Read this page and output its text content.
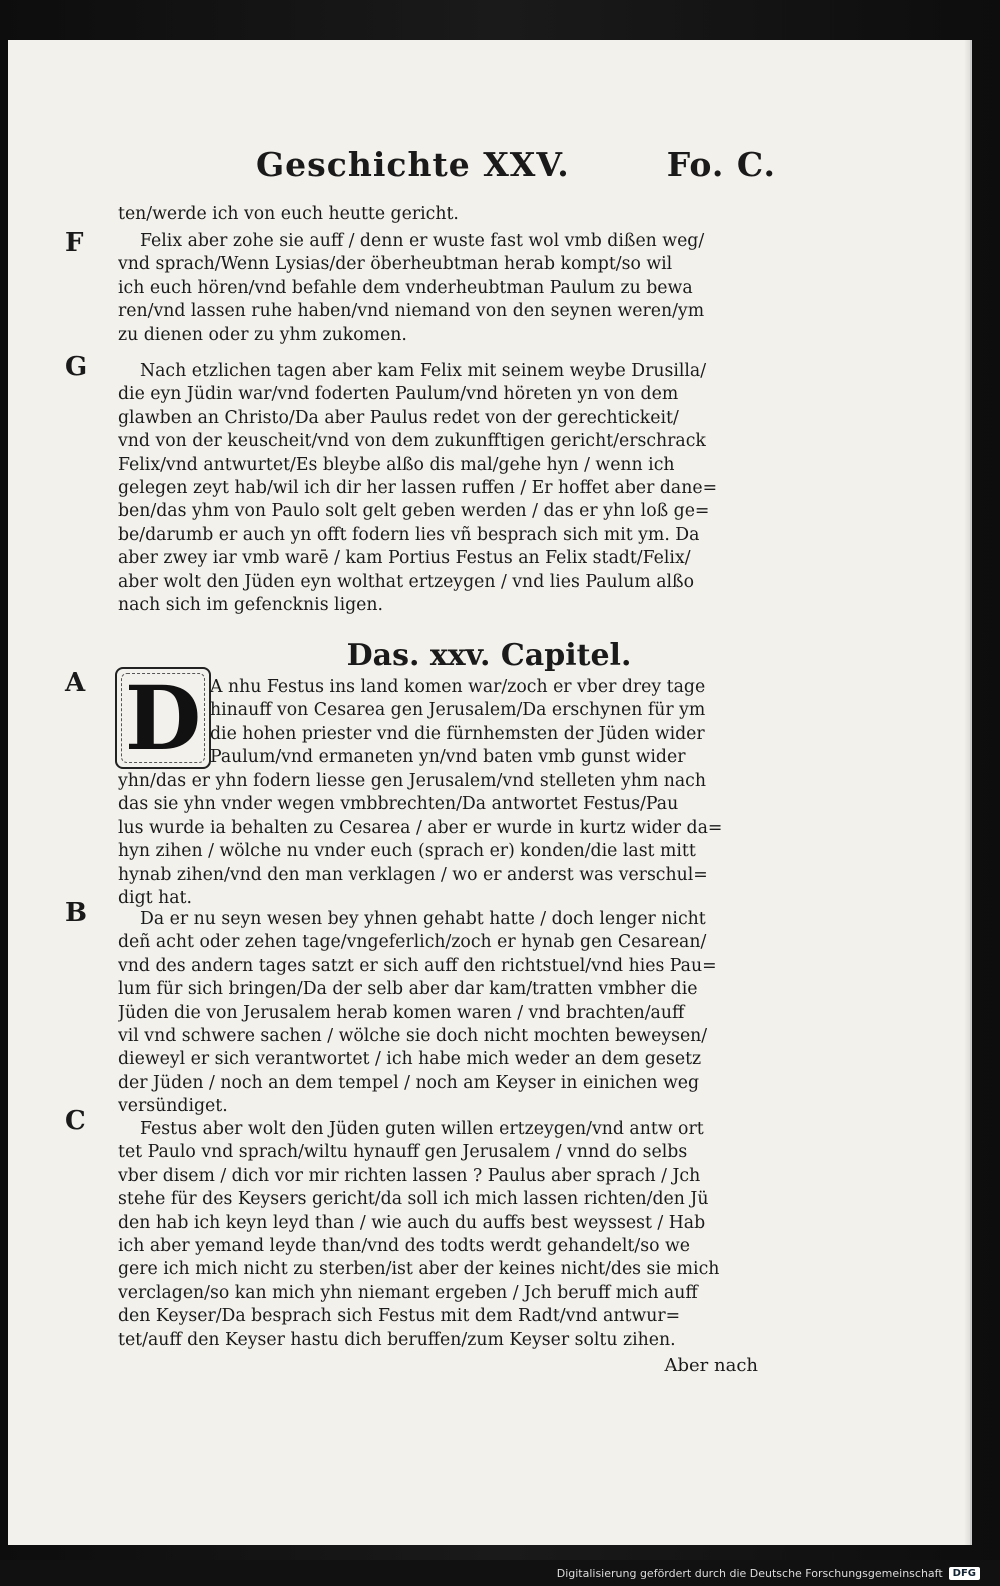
Geschichte XXV.	Fo. C.
ten/werde ich von euch heutte gericht.
F	Felix aber zohe sie auff / denn er wuste fast wol vmb dißen weg/
vnd sprach/Wenn Lysias/der öberheubtman herab kompt/so wil
ich euch hören/vnd befahle dem vnderheubtman Paulum zu bewa
ren/vnd lassen ruhe haben/vnd niemand von den seynen weren/ym
zu dienen oder zu yhm zukomen.
G	Nach etzlichen tagen aber kam Felix mit seinem weybe Drusilla/
die eyn Jüdin war/vnd foderten Paulum/vnd höreten yn von dem
glawben an Christo/Da aber Paulus redet von der gerechtickeit/
vnd von der keuscheit/vnd von dem zukunfftigen gericht/erschrack
Felix/vnd antwurtet/Es bleybe alßo dis mal/gehe hyn / wenn ich
gelegen zeyt hab/wil ich dir her lassen ruffen / Er hoffet aber dane=
ben/das yhm von Paulo solt gelt geben werden / das er yhn loß ge=
be/darumb er auch yn offt fodern lies vñ besprach sich mit ym. Da
aber zwey iar vmb warē / kam Portius Festus an Felix stadt/Felix/
aber wolt den Jüden eyn wolthat ertzeygen / vnd lies Paulum alßo
nach sich im gefencknis ligen.
Das. xxv. Capitel.
A D A nhu Festus ins land komen war/zoch er vber drey tage
hinauff von Cesarea gen Jerusalem/Da erschynen für ym
die hohen priester vnd die fürnhemsten der Jüden wider
Paulum/vnd ermaneten yn/vnd baten vmb gunst wider
yhn/das er yhn fodern liesse gen Jerusalem/vnd stelleten yhm nach
das sie yhn vnder wegen vmbbrechten/Da antwortet Festus/Pau
lus wurde ia behalten zu Cesarea / aber er wurde in kurtz wider da=
hyn zihen / wölche nu vnder euch (sprach er) konden/die last mitt
hynab zihen/vnd den man verklagen / wo er anderst was verschul=
digt hat.
B	Da er nu seyn wesen bey yhnen gehabt hatte / doch lenger nicht
deñ acht oder zehen tage/vngeferlich/zoch er hynab gen Cesarean/
vnd des andern tages satzt er sich auff den richtstuel/vnd hies Pau=
lum für sich bringen/Da der selb aber dar kam/tratten vmbher die
Jüden die von Jerusalem herab komen waren / vnd brachten/auff
vil vnd schwere sachen / wölche sie doch nicht mochten beweysen/
dieweyl er sich verantwortet / ich habe mich weder an dem gesetz
der Jüden / noch an dem tempel / noch am Keyser in einichen weg
versündiget.
C	Festus aber wolt den Jüden guten willen ertzeygen/vnd antw ort
tet Paulo vnd sprach/wiltu hynauff gen Jerusalem / vnnd do selbs
vber disem / dich vor mir richten lassen ? Paulus aber sprach / Jch
stehe für des Keysers gericht/da soll ich mich lassen richten/den Jü
den hab ich keyn leyd than / wie auch du auffs best weyssest / Hab
ich aber yemand leyde than/vnd des todts werdt gehandelt/so we
gere ich mich nicht zu sterben/ist aber der keines nicht/des sie mich
verclagen/so kan mich yhn niemant ergeben / Jch beruff mich auff
den Keyser/Da besprach sich Festus mit dem Radt/vnd antwur=
tet/auff den Keyser hastu dich beruffen/zum Keyser soltu zihen.
Aber nach
Digitalisierung gefördert durch die Deutsche Forschungsgemeinschaft	DFG
